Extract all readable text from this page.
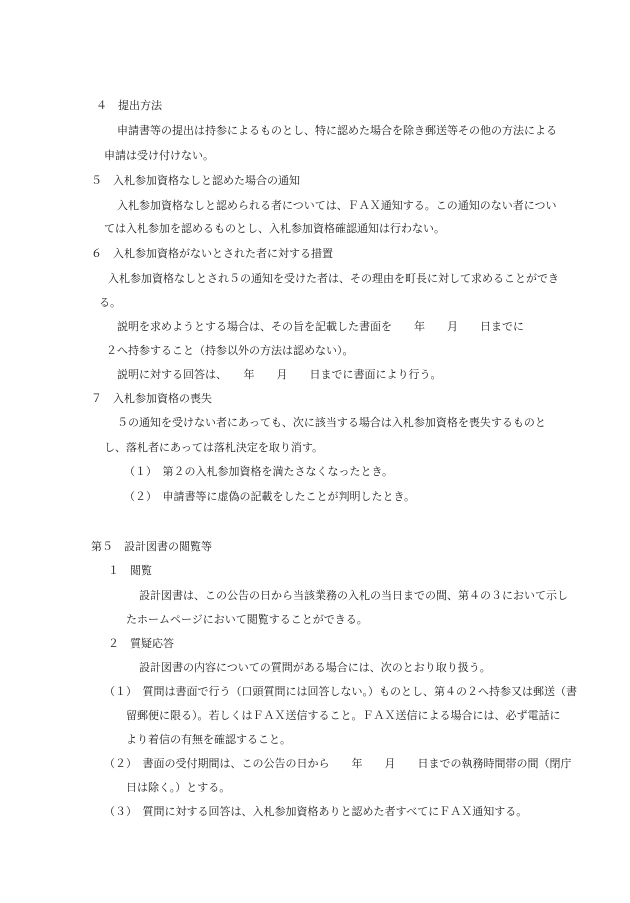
４　提出方法
申請書等の提出は持参によるものとし、特に認めた場合を除き郵送等その他の方法による
申請は受け付けない。
５　入札参加資格なしと認めた場合の通知
入札参加資格なしと認められる者については、ＦＡＸ通知する。この通知のない者につい
ては入札参加を認めるものとし、入札参加資格確認通知は行わない。
６　入札参加資格がないとされた者に対する措置
入札参加資格なしとされ５の通知を受けた者は、その理由を町長に対して求めることができ
る。
説明を求めようとする場合は、その旨を記載した書面を　　年　　月　　日までに
２へ持参すること（持参以外の方法は認めない）。
説明に対する回答は、　　年　　月　　日までに書面により行う。
７　入札参加資格の喪失
５の通知を受けない者にあっても、次に該当する場合は入札参加資格を喪失するものと
し、落札者にあっては落札決定を取り消す。
（１）　第２の入札参加資格を満たさなくなったとき。
（２）　申請書等に虚偽の記載をしたことが判明したとき。
第５　設計図書の閲覧等
１　閲覧
設計図書は、この公告の日から当該業務の入札の当日までの間、第４の３において示し
たホームページにおいて閲覧することができる。
２　質疑応答
設計図書の内容についての質問がある場合には、次のとおり取り扱う。
（１）　質問は書面で行う（口頭質問には回答しない。）ものとし、第４の２へ持参又は郵送（書
留郵便に限る）。若しくはＦＡＸ送信すること。ＦＡＸ送信による場合には、必ず電話に
より着信の有無を確認すること。
（２）　書面の受付期間は、この公告の日から　　年　　月　　日までの執務時間帯の間（閉庁
日は除く。）とする。
（３）　質問に対する回答は、入札参加資格ありと認めた者すべてにＦＡＸ通知する。
